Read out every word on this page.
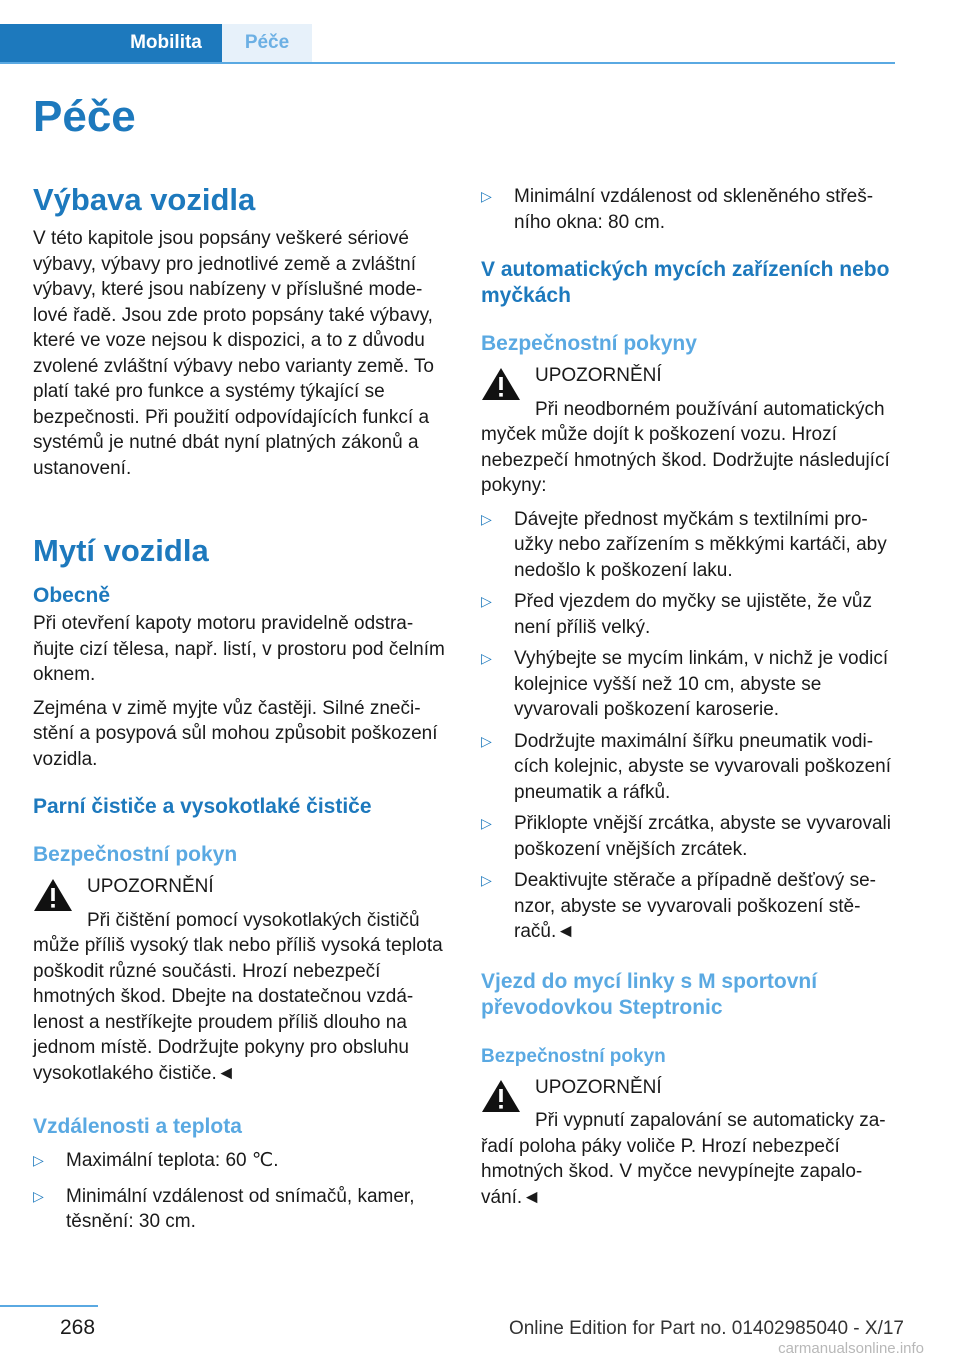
Mobilita	Péče
Péče
Výbava vozidla

V této kapitole jsou popsány veškeré sériové výbavy, výbavy pro jednotlivé země a zvláštní výbavy, které jsou nabízeny v příslušné modelové řadě. Jsou zde proto popsány také výbavy, které ve voze nejsou k dispozici, a to z důvodu zvolené zvláštní výbavy nebo varianty země. To platí také pro funkce a systémy týkající se bezpečnosti. Při použití odpovídajících funkcí a systémů je nutné dbát nyní platných zákonů a ustanovení.

Mytí vozidla
Obecně

Při otevření kapoty motoru pravidelně odstraňujte cizí tělesa, např. listí, v prostoru pod čelním oknem.

Zejména v zimě myjte vůz častěji. Silné znečistění a posypová sůl mohou způsobit poškození vozidla.

Parní čističe a vysokotlaké čističe
Bezpečnostní pokyn
UPOZORNĚNÍ
Při čištění pomocí vysokotlakých čističů může příliš vysoký tlak nebo příliš vysoká teplota poškodit různé součásti. Hrozí nebezpečí hmotných škod. Dbejte na dostatečnou vzdálenost a nestříkejte proudem příliš dlouho na jednom místě. Dodržujte pokyny pro obsluhu vysokotlakého čističe.◄
Vzdálenosti a teplota
▷ Maximální teplota: 60 ℃.
▷ Minimální vzdálenost od snímačů, kamer, těsnění: 30 cm.
▷ Minimální vzdálenost od skleněného střešního okna: 80 cm.
V automatických mycích zařízeních nebo myčkách
Bezpečnostní pokyny
UPOZORNĚNÍ
Při neodborném používání automatických myček může dojít k poškození vozu. Hrozí nebezpečí hmotných škod. Dodržujte následující pokyny:
▷ Dávejte přednost myčkám s textilními proužky nebo zařízením s měkkými kartáči, aby nedošlo k poškození laku.
▷ Před vjezdem do myčky se ujistěte, že vůz není příliš velký.
▷ Vyhýbejte se mycím linkám, v nichž je vodicí kolejnice vyšší než 10 cm, abyste se vyvarovali poškození karoserie.
▷ Dodržujte maximální šířku pneumatik vodicích kolejnic, abyste se vyvarovali poškození pneumatik a ráfků.
▷ Přiklopte vnější zrcátka, abyste se vyvarovali poškození vnějších zrcátek.
▷ Deaktivujte stěrače a případně dešťový senzor, abyste se vyvarovali poškození stěračů.◄
Vjezd do mycí linky s M sportovní převodovkou Steptronic
Bezpečnostní pokyn
UPOZORNĚNÍ
Při vypnutí zapalování se automaticky zařadí poloha páky voliče P. Hrozí nebezpečí hmotných škod. V myčce nevypínejte zapalování.◄
268	Online Edition for Part no. 01402985040 - X/17
carmanualsonline.info
